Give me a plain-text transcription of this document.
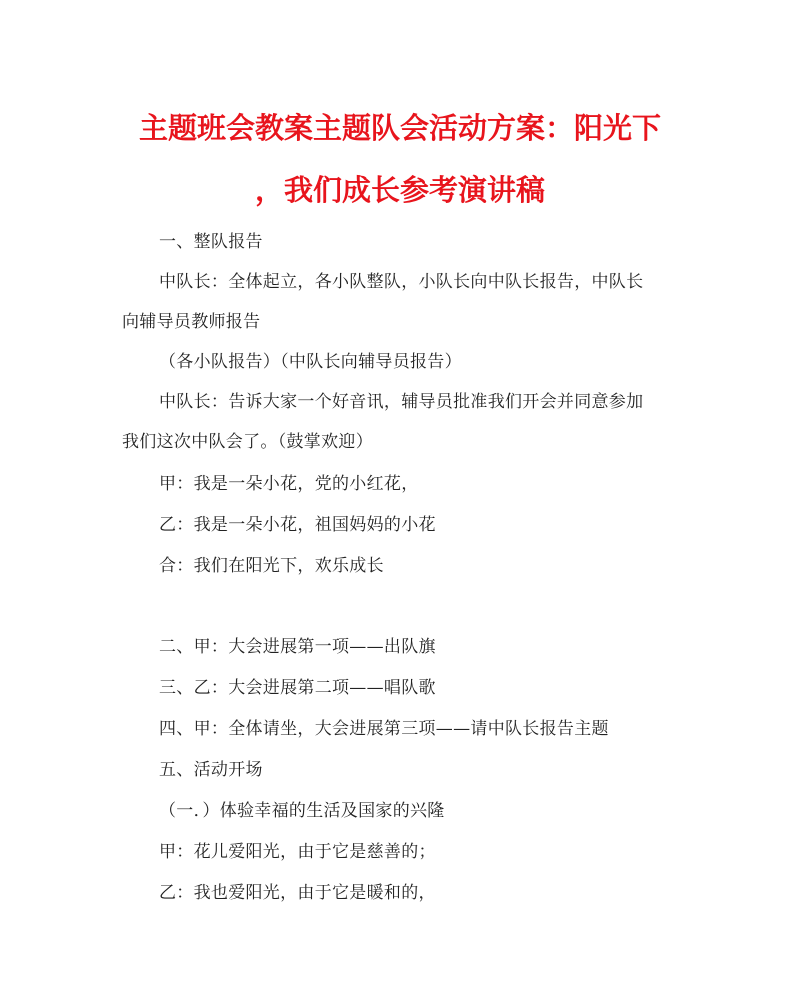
主题班会教案主题队会活动方案：阳光下
，我们成长参考演讲稿
一、整队报告
中队长：全体起立，各小队整队，小队长向中队长报告，中队长
向辅导员教师报告
（各小队报告）（中队长向辅导员报告）
中队长：告诉大家一个好音讯，辅导员批准我们开会并同意参加
我们这次中队会了。（鼓掌欢迎）
甲：我是一朵小花，党的小红花，
乙：我是一朵小花，祖国妈妈的小花
合：我们在阳光下，欢乐成长
二、甲：大会进展第一项——出队旗
三、乙：大会进展第二项——唱队歌
四、甲：全体请坐，大会进展第三项——请中队长报告主题
五、活动开场
（一．）体验幸福的生活及国家的兴隆
甲：花儿爱阳光，由于它是慈善的；
乙：我也爱阳光，由于它是暖和的，
